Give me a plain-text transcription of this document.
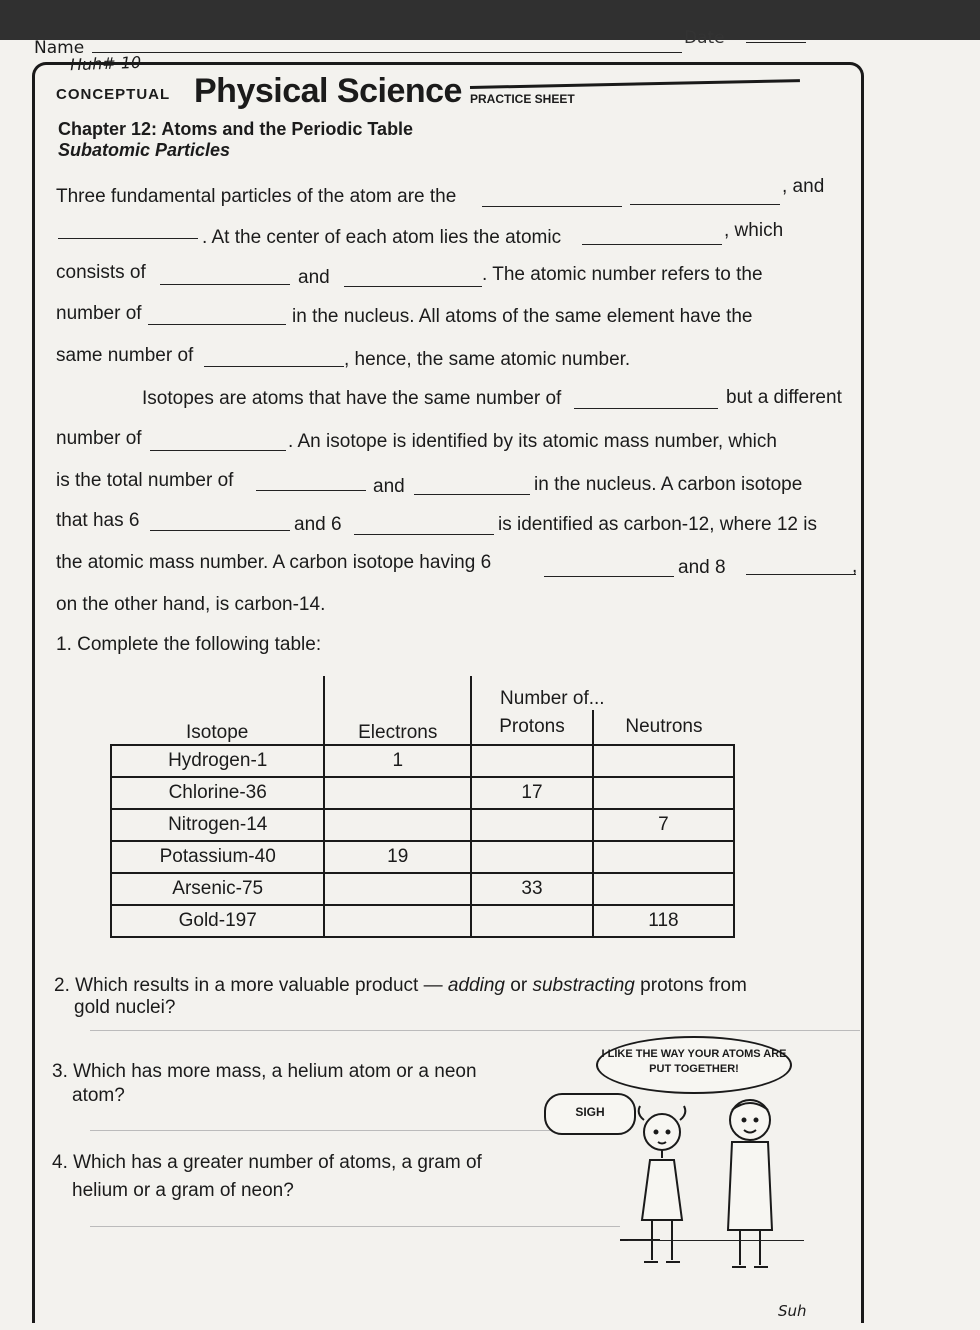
Name
Huh# 10
Date
CONCEPTUAL Physical Science PRACTICE SHEET
Chapter 12: Atoms and the Periodic Table
Subatomic Particles
Three fundamental particles of the atom are the	, and
. At the center of each atom lies the atomic	, which
consists of	and	. The atomic number refers to the
number of	in the nucleus. All atoms of the same element have the
same number of	, hence, the same atomic number.
Isotopes are atoms that have the same number of	but a different
number of	. An isotope is identified by its atomic mass number, which
is the total number of	and	in the nucleus. A carbon isotope
that has 6	and 6	is identified as carbon-12, where 12 is
the atomic mass number. A carbon isotope having 6	and 8	,
on the other hand, is carbon-14.
1. Complete the following table:
Isotope	Electrons	Number of...	
		Protons	Neutrons
Hydrogen-1	1		
Chlorine-36		17	
Nitrogen-14			7
Potassium-40	19		
Arsenic-75		33	
Gold-197			118
2. Which results in a more valuable product — adding or substracting protons from
gold nuclei?
3. Which has more mass, a helium atom or a neon
atom?
4. Which has a greater number of atoms, a gram of
helium or a gram of neon?
I LIKE THE WAY YOUR ATOMS ARE PUT TOGETHER!
SIGH
Suh
